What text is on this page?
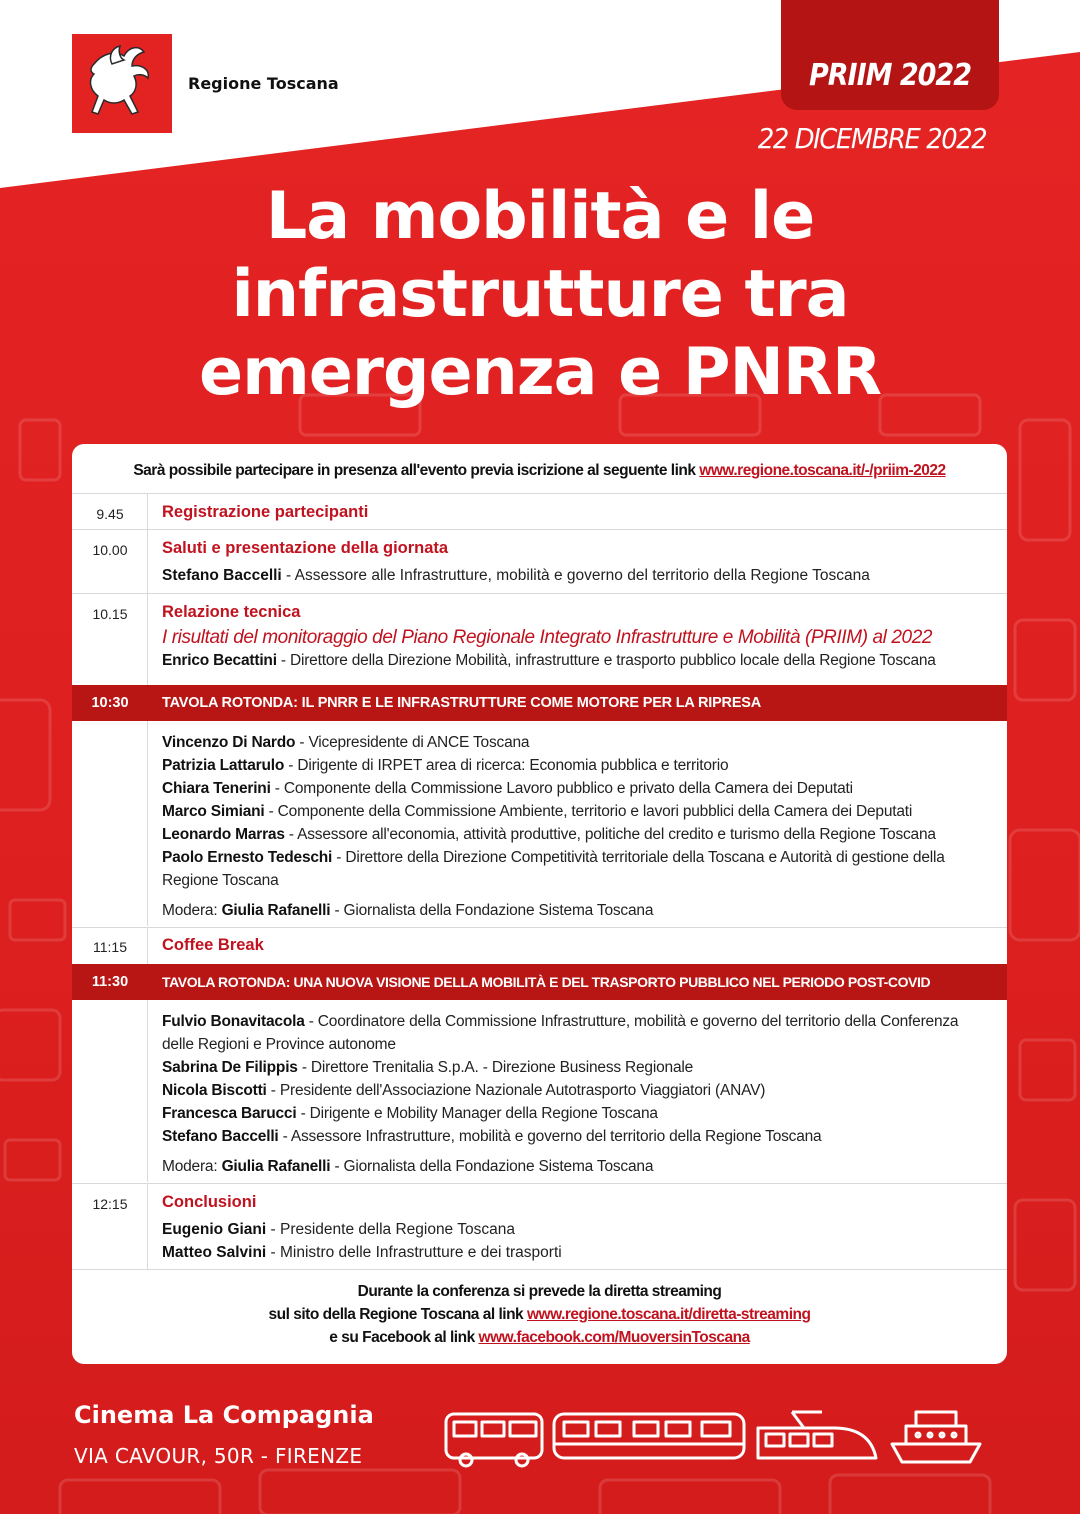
Regione Toscana	PRIIM 2022
22 DICEMBRE 2022
La mobilità e le
infrastrutture tra
emergenza e PNRR
Sarà possibile partecipare in presenza all'evento previa iscrizione al seguente link www.regione.toscana.it/-/priim-2022
9.45	Registrazione partecipanti
10.00	Saluti e presentazione della giornata
Stefano Baccelli - Assessore alle Infrastrutture, mobilità e governo del territorio della Regione Toscana
10.15	Relazione tecnica
I risultati del monitoraggio del Piano Regionale Integrato Infrastrutture e Mobilità (PRIIM) al 2022
Enrico Becattini - Direttore della Direzione Mobilità, infrastrutture e trasporto pubblico locale della Regione Toscana
10:30	TAVOLA ROTONDA: IL PNRR E LE INFRASTRUTTURE COME MOTORE PER LA RIPRESA
Vincenzo Di Nardo - Vicepresidente di ANCE Toscana
Patrizia Lattarulo - Dirigente di IRPET area di ricerca: Economia pubblica e territorio
Chiara Tenerini - Componente della Commissione Lavoro pubblico e privato della Camera dei Deputati
Marco Simiani - Componente della Commissione Ambiente, territorio e lavori pubblici della Camera dei Deputati
Leonardo Marras - Assessore all'economia, attività produttive, politiche del credito e turismo della Regione Toscana
Paolo Ernesto Tedeschi - Direttore della Direzione Competitività territoriale della Toscana e Autorità di gestione della Regione Toscana
Modera: Giulia Rafanelli - Giornalista della Fondazione Sistema Toscana
11:15	Coffee Break
11:30	TAVOLA ROTONDA: UNA NUOVA VISIONE DELLA MOBILITÀ E DEL TRASPORTO PUBBLICO NEL PERIODO POST-COVID
Fulvio Bonavitacola - Coordinatore della Commissione Infrastrutture, mobilità e governo del territorio della Conferenza delle Regioni e Province autonome
Sabrina De Filippis - Direttore Trenitalia S.p.A. - Direzione Business Regionale
Nicola Biscotti - Presidente dell'Associazione Nazionale Autotrasporto Viaggiatori (ANAV)
Francesca Barucci - Dirigente e Mobility Manager della Regione Toscana
Stefano Baccelli - Assessore Infrastrutture, mobilità e governo del territorio della Regione Toscana
Modera: Giulia Rafanelli - Giornalista della Fondazione Sistema Toscana
12:15	Conclusioni
Eugenio Giani - Presidente della Regione Toscana
Matteo Salvini - Ministro delle Infrastrutture e dei trasporti
Durante la conferenza si prevede la diretta streaming
sul sito della Regione Toscana al link www.regione.toscana.it/diretta-streaming
e su Facebook al link www.facebook.com/MuoversinToscana
Cinema La Compagnia
VIA CAVOUR, 50R - FIRENZE
